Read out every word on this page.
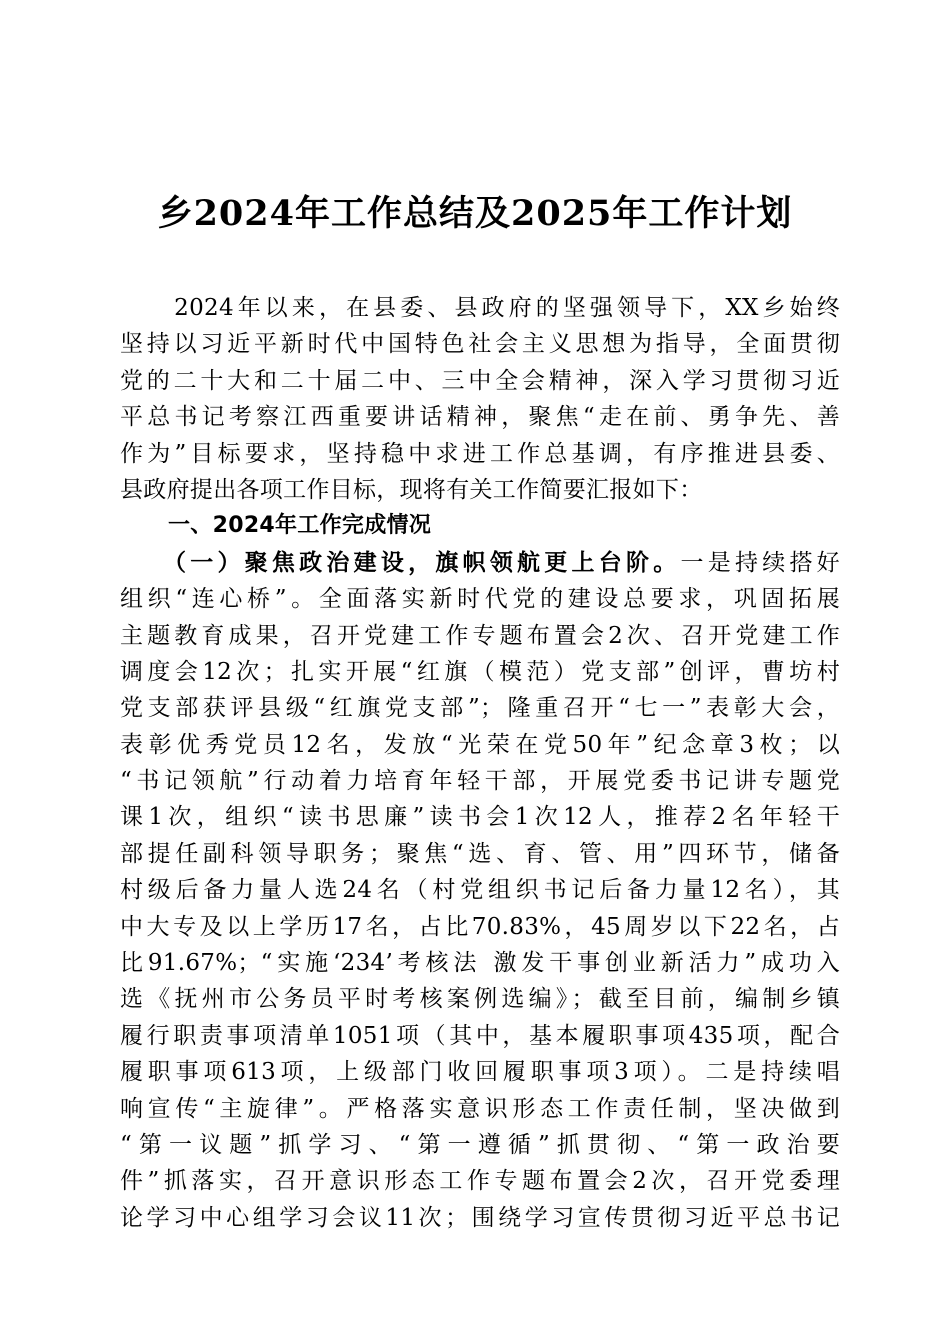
乡2024年工作总结及2025年工作计划
　　2024年以来，在县委、县政府的坚强领导下，XX乡始终
坚持以习近平新时代中国特色社会主义思想为指导，全面贯彻
党的二十大和二十届二中、三中全会精神，深入学习贯彻习近
平总书记考察江西重要讲话精神，聚焦“走在前、勇争先、善
作为”目标要求，坚持稳中求进工作总基调，有序推进县委、
县政府提出各项工作目标，现将有关工作简要汇报如下：
一、2024年工作完成情况
　　（一）聚焦政治建设，旗帜领航更上台阶。一是持续搭好
组织“连心桥”。全面落实新时代党的建设总要求，巩固拓展
主题教育成果，召开党建工作专题布置会2次、召开党建工作
调度会12次；扎实开展“红旗（模范）党支部”创评，曹坊村
党支部获评县级“红旗党支部”；隆重召开“七一”表彰大会，
表彰优秀党员12名，发放“光荣在党50年”纪念章3枚；以
“书记领航”行动着力培育年轻干部，开展党委书记讲专题党
课1次，组织“读书思廉”读书会1次12人，推荐2名年轻干
部提任副科领导职务；聚焦“选、育、管、用”四环节，储备
村级后备力量人选24名（村党组织书记后备力量12名），其
中大专及以上学历17名，占比70.83%，45周岁以下22名，占
比91.67%；“实施‘234’考核法 激发干事创业新活力”成功入
选《抚州市公务员平时考核案例选编》；截至目前，编制乡镇
履行职责事项清单1051项（其中，基本履职事项435项，配合
履职事项613项，上级部门收回履职事项3项）。二是持续唱
响宣传“主旋律”。严格落实意识形态工作责任制，坚决做到
“第一议题”抓学习、“第一遵循”抓贯彻、“第一政治要
件”抓落实，召开意识形态工作专题布置会2次，召开党委理
论学习中心组学习会议11次；围绕学习宣传贯彻习近平总书记
